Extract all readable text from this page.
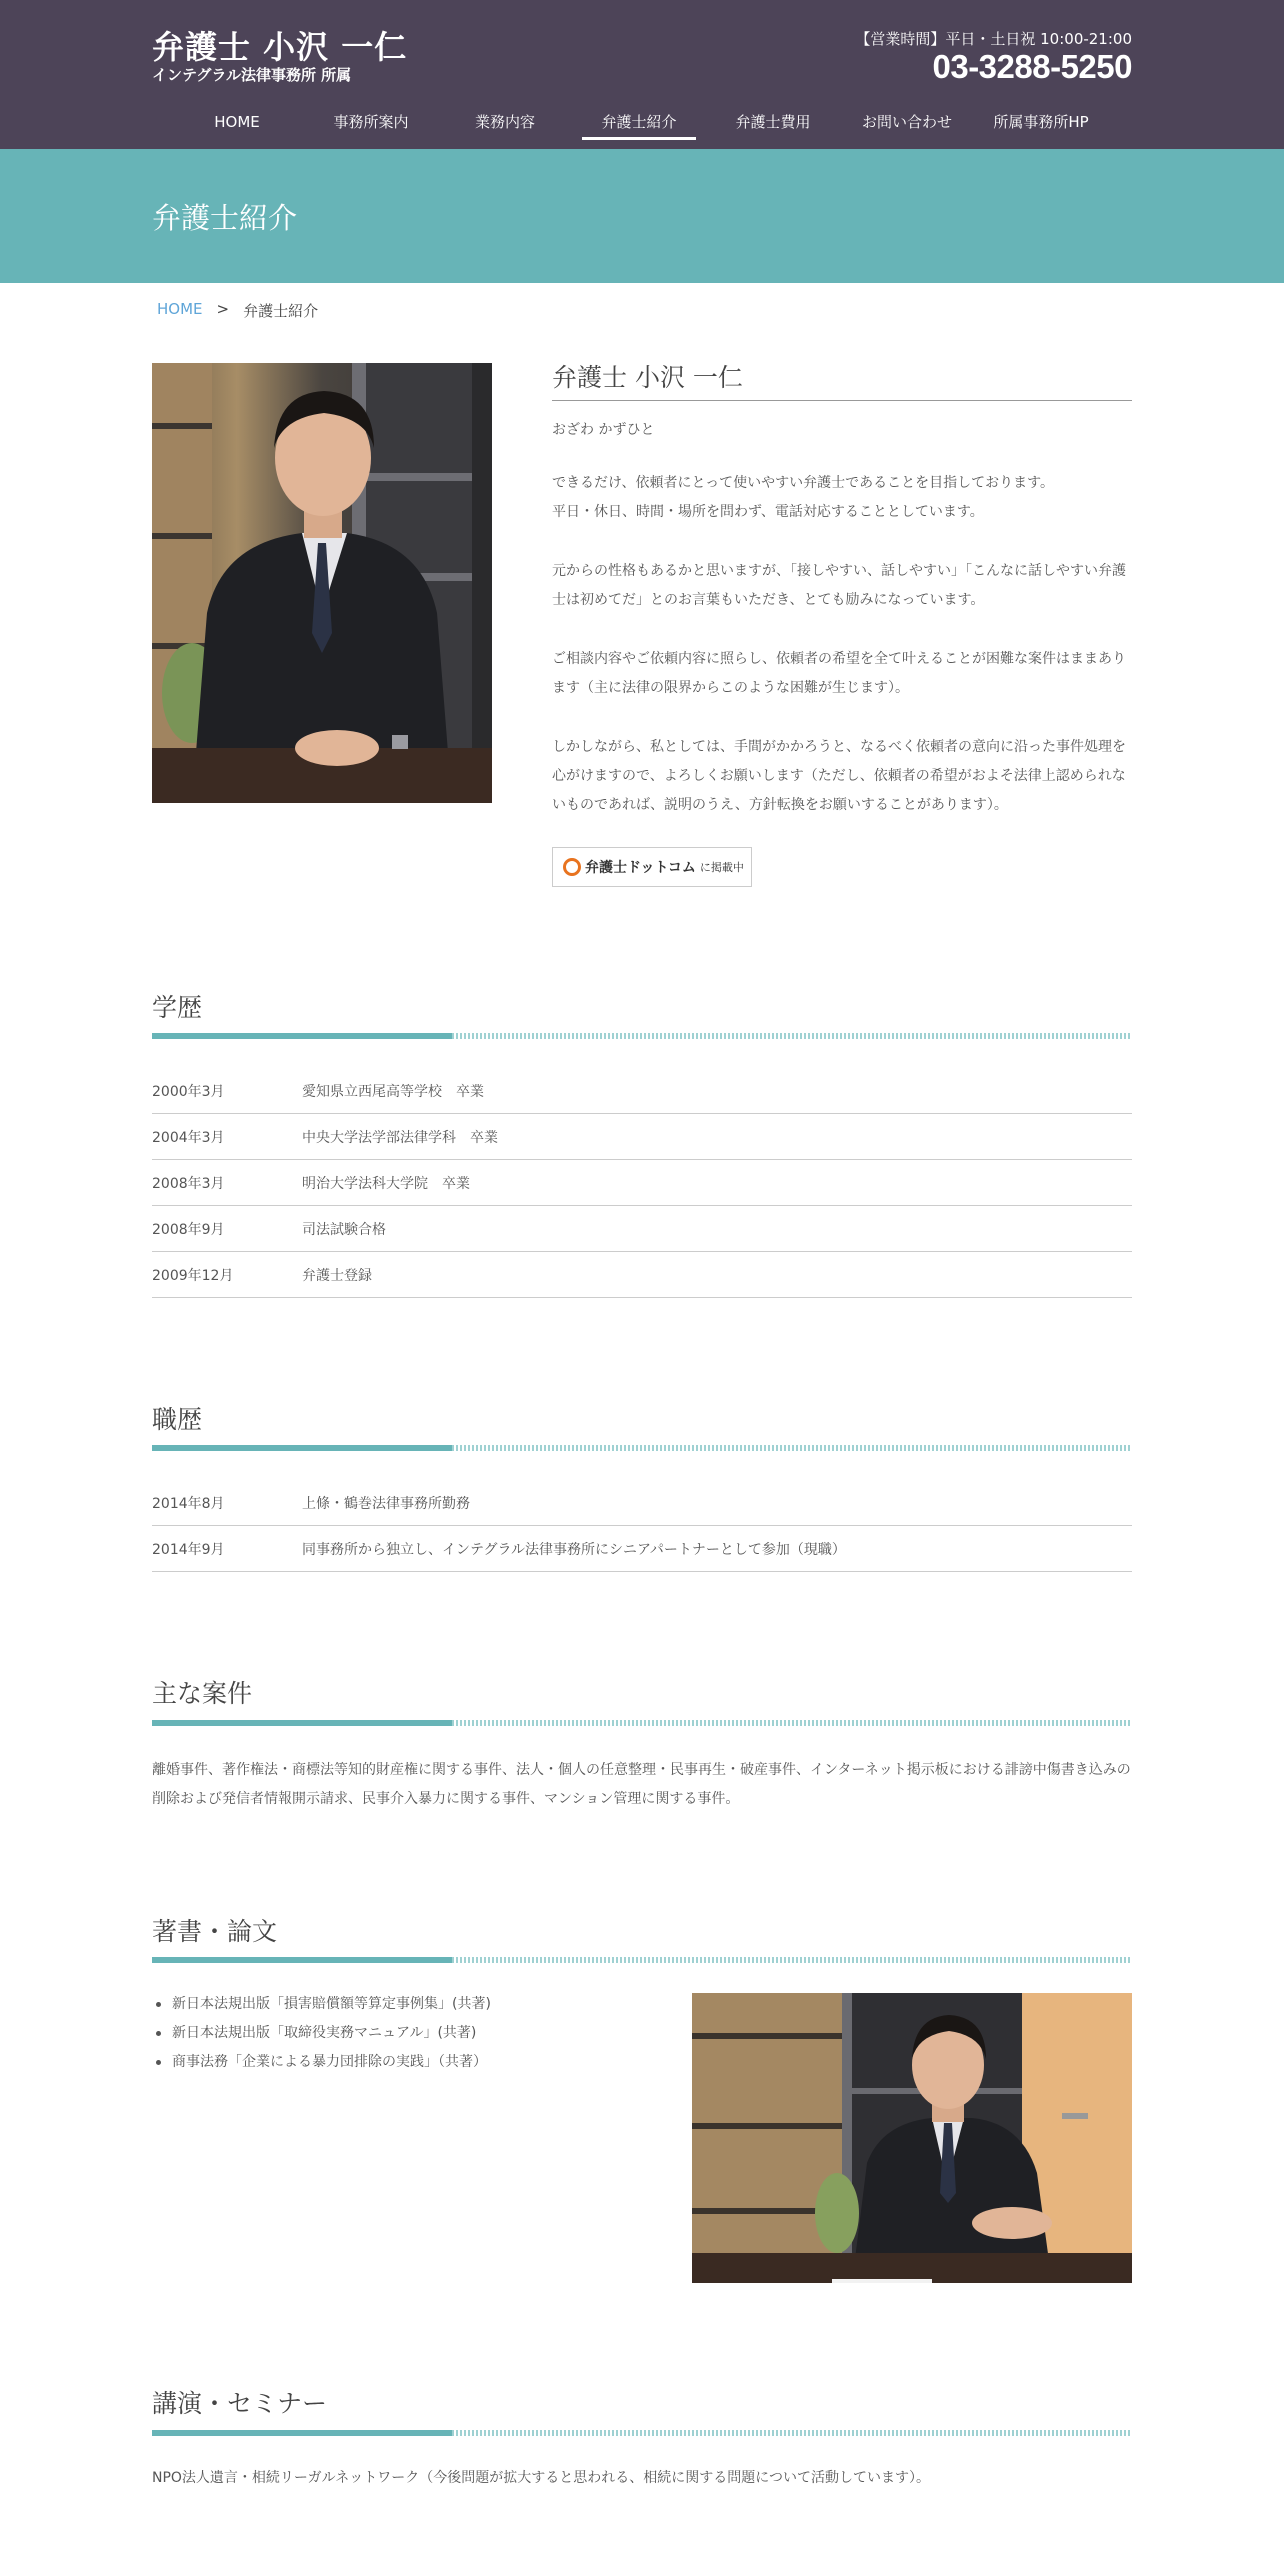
弁護士 小沢 一仁
インテグラル法律事務所 所属
【営業時間】平日・土日祝 10:00-21:00
03-3288-5250
HOME	事務所案内	業務内容	弁護士紹介	弁護士費用	お問い合わせ	所属事務所HP
弁護士紹介
HOME > 弁護士紹介
弁護士 小沢 一仁
おざわ かずひと

できるだけ、依頼者にとって使いやすい弁護士であることを目指しております。

平日・休日、時間・場所を問わず、電話対応することとしています。

元からの性格もあるかと思いますが、「接しやすい、話しやすい」「こんなに話しやすい弁護士は初めてだ」とのお言葉もいただき、とても励みになっています。
ご相談内容やご依頼内容に照らし、依頼者の希望を全て叶えることが困難な案件はままあります（主に法律の限界からこのような困難が生じます）。
しかしながら、私としては、手間がかかろうと、なるべく依頼者の意向に沿った事件処理を心がけますので、よろしくお願いします（ただし、依頼者の希望がおよそ法律上認められないものであれば、説明のうえ、方針転換をお願いすることがあります）。
弁護士ドットコム に掲載中
学歴
2000年3月	愛知県立西尾高等学校　卒業
2004年3月	中央大学法学部法律学科　卒業
2008年3月	明治大学法科大学院　卒業
2008年9月	司法試験合格
2009年12月	弁護士登録
職歴
2014年8月	上條・鶴巻法律事務所勤務
2014年9月	同事務所から独立し、インテグラル法律事務所にシニアパートナーとして参加（現職）
主な案件
離婚事件、著作権法・商標法等知的財産権に関する事件、法人・個人の任意整理・民事再生・破産事件、インターネット掲示板における誹謗中傷書き込みの削除および発信者情報開示請求、民事介入暴力に関する事件、マンション管理に関する事件。
著書・論文
新日本法規出版「損害賠償額等算定事例集」(共著)
新日本法規出版「取締役実務マニュアル」(共著)
商事法務「企業による暴力団排除の実践」（共著）
講演・セミナー
NPO法人遺言・相続リーガルネットワーク（今後問題が拡大すると思われる、相続に関する問題について活動しています）。
